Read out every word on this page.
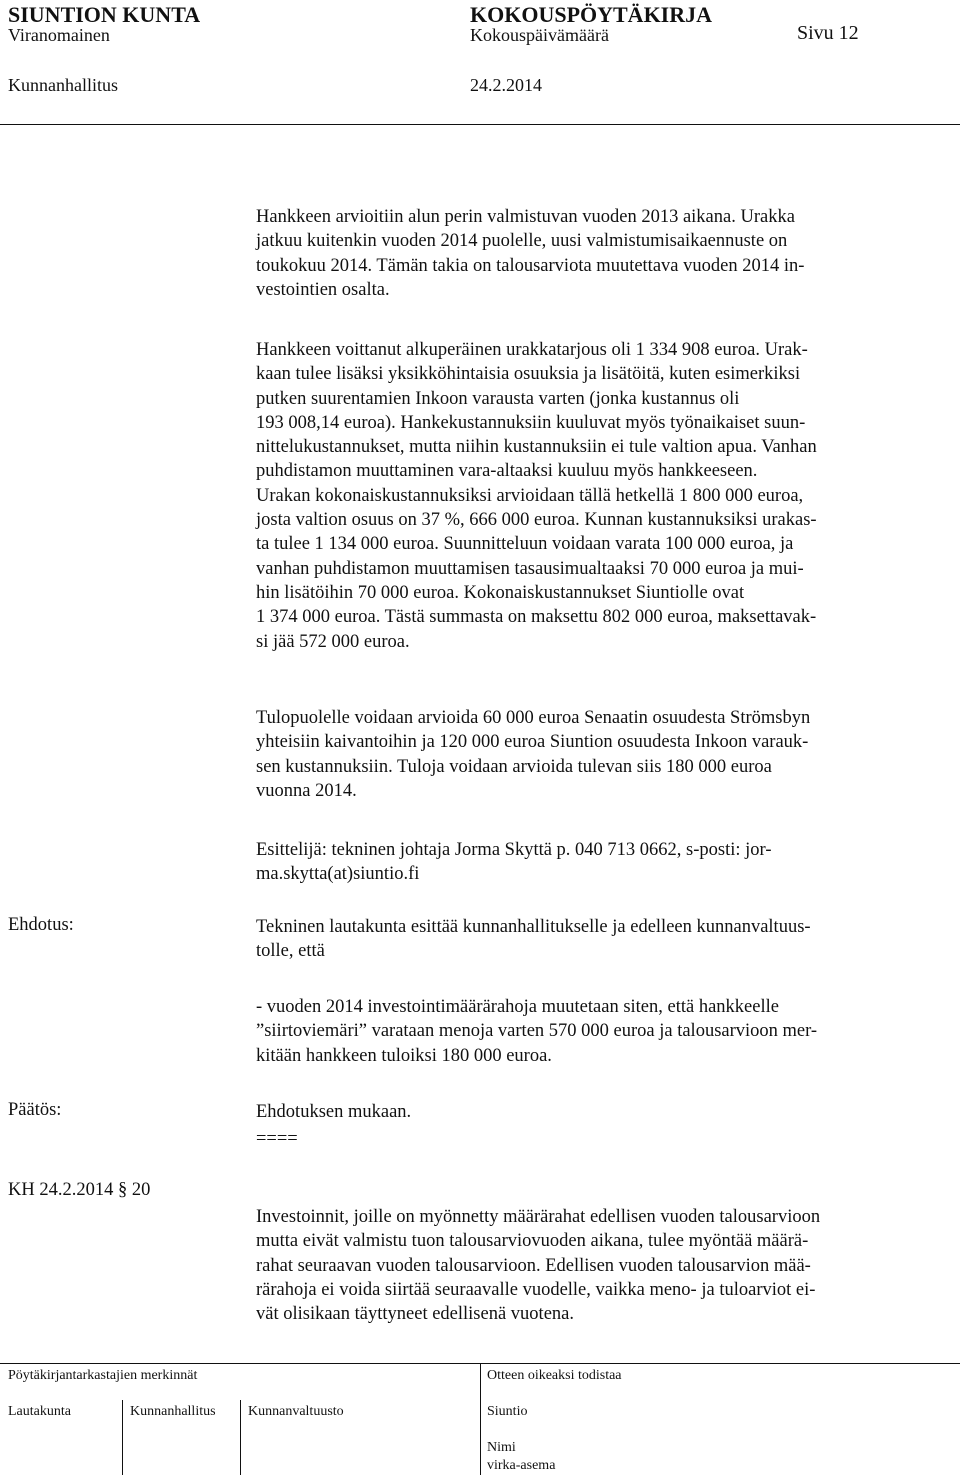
SIUNTION KUNTA	KOKOUSPÖYTÄKIRJA
Viranomainen	Kokouspäivämäärä	Sivu 12
Kunnanhallitus	24.2.2014
Hankkeen arvioitiin alun perin valmistuvan vuoden 2013 aikana. Urakka
jatkuu kuitenkin vuoden 2014 puolelle, uusi valmistumisaikaennuste on
toukokuu 2014. Tämän takia on talousarviota muutettava vuoden 2014 in-
vestointien osalta.
Hankkeen voittanut alkuperäinen urakkatarjous oli 1 334 908 euroa. Urak-
kaan tulee lisäksi yksikköhintaisia osuuksia ja lisätöitä, kuten esimerkiksi
putken suurentamien Inkoon varausta varten (jonka kustannus oli
193 008,14 euroa). Hankekustannuksiin kuuluvat myös työnaikaiset suun-
nittelukustannukset, mutta niihin kustannuksiin ei tule valtion apua. Vanhan
puhdistamon muuttaminen vara-altaaksi kuuluu myös hankkeeseen.
Urakan kokonaiskustannuksiksi arvioidaan tällä hetkellä 1 800 000 euroa,
josta valtion osuus on 37 %, 666 000 euroa. Kunnan kustannuksiksi urakas-
ta tulee 1 134 000 euroa. Suunnitteluun voidaan varata 100 000 euroa, ja
vanhan puhdistamon muuttamisen tasausimualtaaksi 70 000 euroa ja mui-
hin lisätöihin 70 000 euroa. Kokonaiskustannukset Siuntiolle ovat
1 374 000 euroa. Tästä summasta on maksettu 802 000 euroa, maksettavak-
si jää 572 000 euroa.
Tulopuolelle voidaan arvioida 60 000 euroa Senaatin osuudesta Strömsbyn
yhteisiin kaivantoihin ja 120 000 euroa Siuntion osuudesta Inkoon varauk-
sen kustannuksiin. Tuloja voidaan arvioida tulevan siis 180 000 euroa
vuonna 2014.
Esittelijä: tekninen johtaja Jorma Skyttä p. 040 713 0662, s-posti: jor-
ma.skytta(at)siuntio.fi
Ehdotus:	Tekninen lautakunta esittää kunnanhallitukselle ja edelleen kunnanvaltuus-
tolle, että
- vuoden 2014 investointimäärärahoja muutetaan siten, että hankkeelle
”siirtoviemäri” varataan menoja varten 570 000 euroa ja talousarvioon mer-
kitään hankkeen tuloiksi 180 000 euroa.
Päätös:	Ehdotuksen mukaan.
====
KH 24.2.2014 § 20
Investoinnit, joille on myönnetty määrärahat edellisen vuoden talousarvioon
mutta eivät valmistu tuon talousarviovuoden aikana, tulee myöntää määrä-
rahat seuraavan vuoden talousarvioon. Edellisen vuoden talousarvion mää-
rärahoja ei voida siirtää seuraavalle vuodelle, vaikka meno- ja tuloarviot ei-
vät olisikaan täyttyneet edellisenä vuotena.
Pöytäkirjantarkastajien merkinnät	Otteen oikeaksi todistaa
Lautakunta	Kunnanhallitus Kunnanvaltuusto	Siuntio
Nimi
virka-asema
